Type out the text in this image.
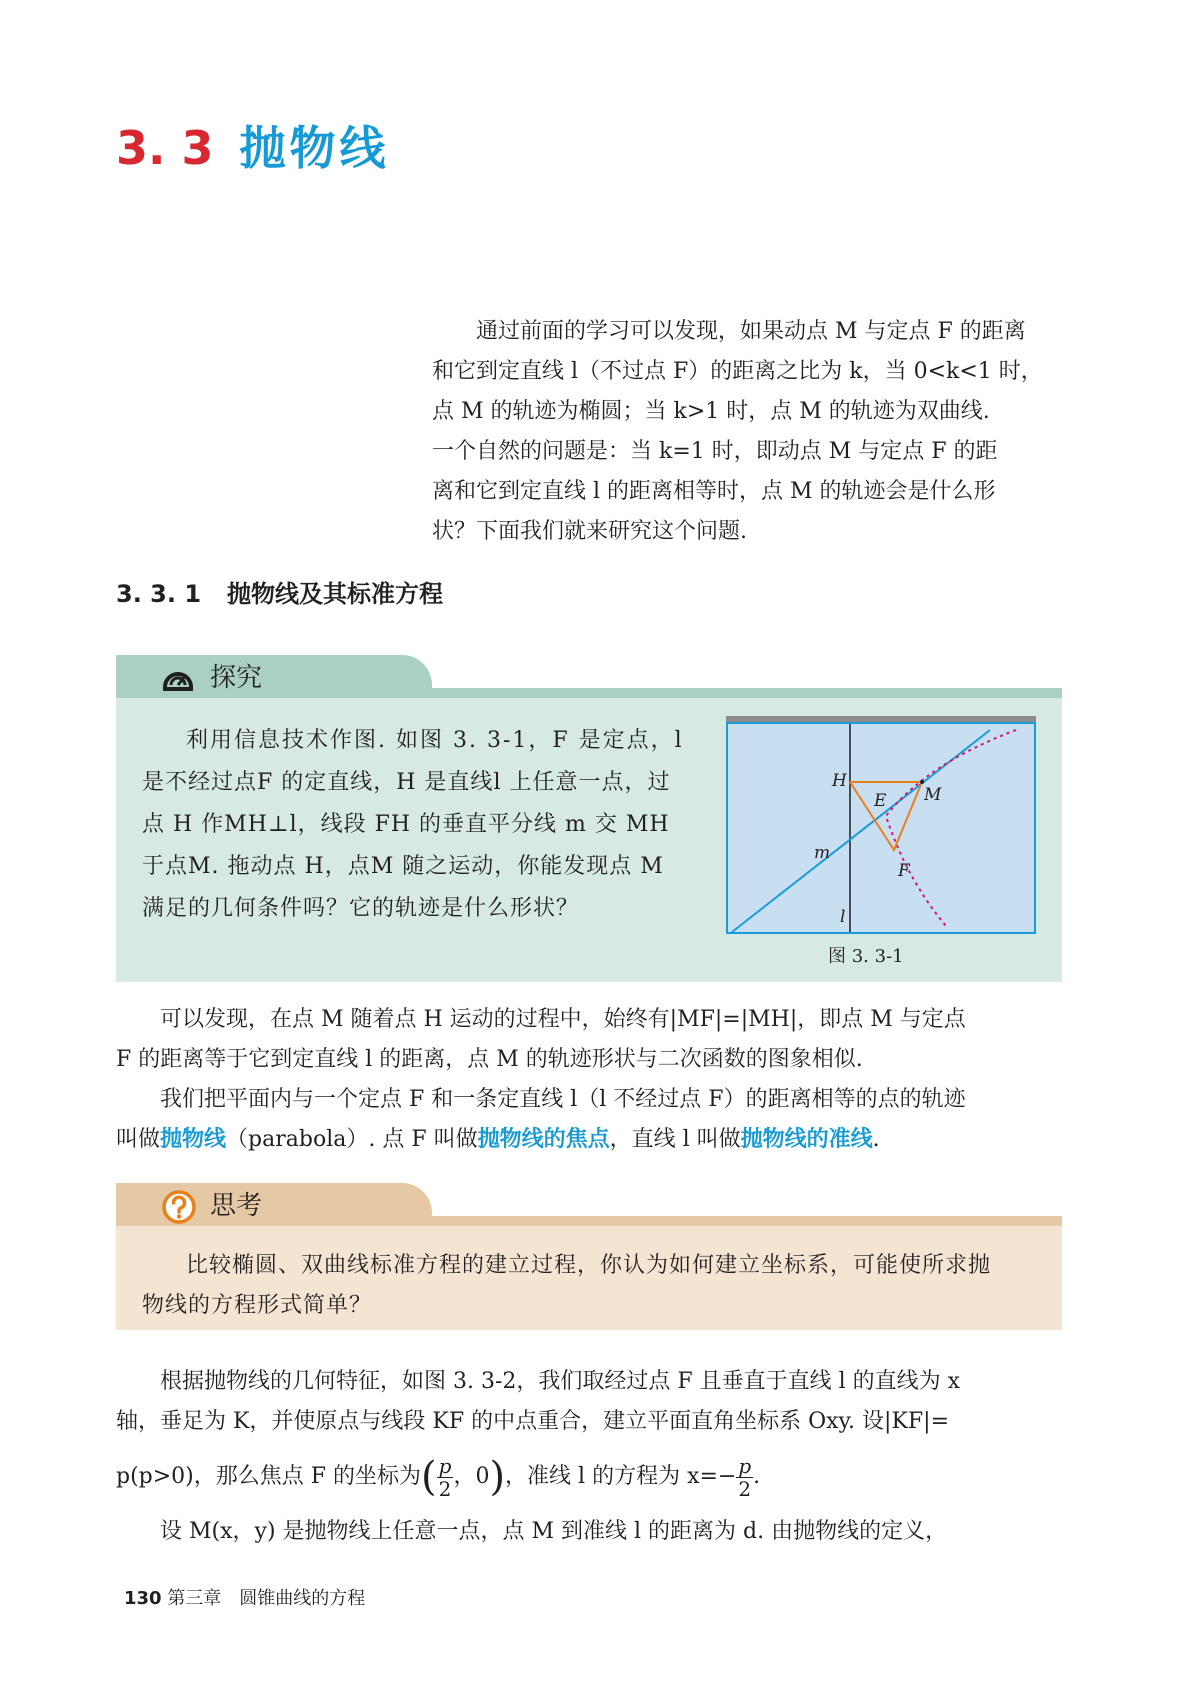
3. 3 抛物线
通过前面的学习可以发现，如果动点 M 与定点 F 的距离
和它到定直线 l（不过点 F）的距离之比为 k，当 0<k<1 时，
点 M 的轨迹为椭圆；当 k>1 时，点 M 的轨迹为双曲线.
一个自然的问题是：当 k=1 时，即动点 M 与定点 F 的距
离和它到定直线 l 的距离相等时，点 M 的轨迹会是什么形
状？下面我们就来研究这个问题.
3. 3. 1 抛物线及其标准方程
探究
利用信息技术作图. 如图 3. 3-1，F 是定点，l
是不经过点F 的定直线，H 是直线l 上任意一点，过
点 H 作MH⊥l，线段 FH 的垂直平分线 m 交 MH
于点M. 拖动点 H，点M 随之运动，你能发现点 M
满足的几何条件吗？它的轨迹是什么形状？
H
E M
F
m
l
图 3. 3-1
可以发现，在点 M 随着点 H 运动的过程中，始终有|MF|=|MH|，即点 M 与定点
F 的距离等于它到定直线 l 的距离，点 M 的轨迹形状与二次函数的图象相似.
我们把平面内与一个定点 F 和一条定直线 l（l 不经过点 F）的距离相等的点的轨迹
叫做抛物线（parabola）. 点 F 叫做抛物线的焦点，直线 l 叫做抛物线的准线.
思考
比较椭圆、双曲线标准方程的建立过程，你认为如何建立坐标系，可能使所求抛
物线的方程形式简单？
根据抛物线的几何特征，如图 3. 3-2，我们取经过点 F 且垂直于直线 l 的直线为 x
轴，垂足为 K，并使原点与线段 KF 的中点重合，建立平面直角坐标系 Oxy. 设|KF|=
p(p>0)，那么焦点 F 的坐标为( $\frac{p}{2}$ ，0)，准线 l 的方程为 $x=- \frac{p}{2}$ .
设 M(x，y) 是抛物线上任意一点，点 M 到准线 l 的距离为 d. 由抛物线的定义，
130 第三章　圆锥曲线的方程
